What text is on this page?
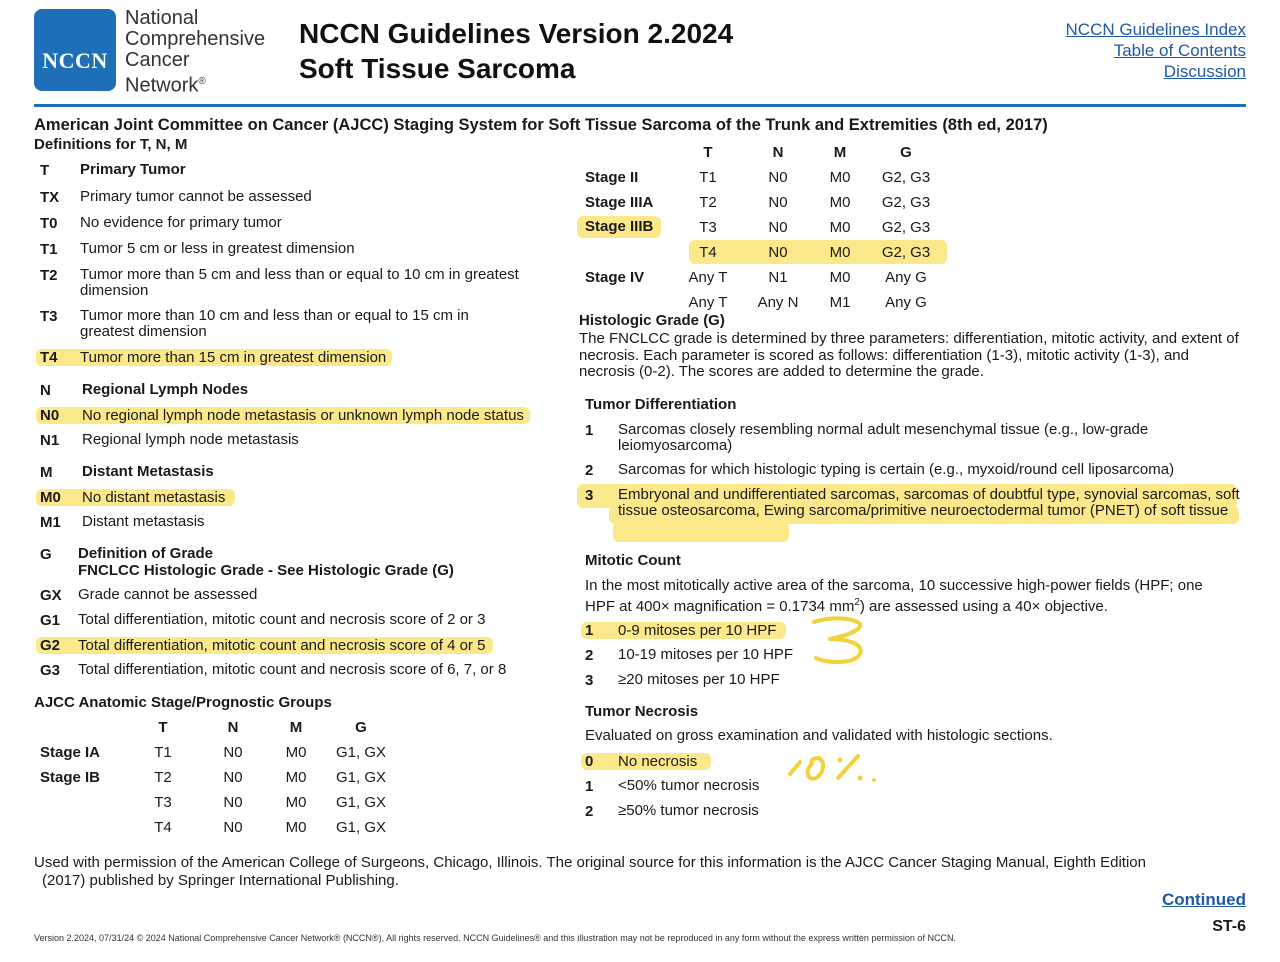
NCCN
National
Comprehensive
Cancer
Network®
NCCN Guidelines Version 2.2024
Soft Tissue Sarcoma
NCCN Guidelines Index
Table of Contents
Discussion
American Joint Committee on Cancer (AJCC) Staging System for Soft Tissue Sarcoma of the Trunk and Extremities (8th ed, 2017)
Definitions for T, N, M
T Primary Tumor
TX Primary tumor cannot be assessed
T0 No evidence for primary tumor
T1 Tumor 5 cm or less in greatest dimension
T2 Tumor more than 5 cm and less than or equal to 10 cm in greatest dimension
T3 Tumor more than 10 cm and less than or equal to 15 cm in greatest dimension
T4 Tumor more than 15 cm in greatest dimension
N Regional Lymph Nodes
N0 No regional lymph node metastasis or unknown lymph node status
N1 Regional lymph node metastasis
M Distant Metastasis
M0 No distant metastasis
M1 Distant metastasis
G Definition of Grade
FNCLCC Histologic Grade - See Histologic Grade (G)
GX Grade cannot be assessed
G1 Total differentiation, mitotic count and necrosis score of 2 or 3
G2 Total differentiation, mitotic count and necrosis score of 4 or 5
G3 Total differentiation, mitotic count and necrosis score of 6, 7, or 8
AJCC Anatomic Stage/Prognostic Groups
T	N	M	G
Stage IA	T1	N0	M0	G1, GX
Stage IB	T2	N0	M0	G1, GX
T3	N0	M0	G1, GX
T4	N0	M0	G1, GX
T	N	M	G
Stage II	T1	N0	M0	G2, G3
Stage IIIA	T2	N0	M0	G2, G3
Stage IIIB	T3	N0	M0	G2, G3
T4	N0	M0	G2, G3
Stage IV	Any T	N1	M0	Any G
Any T	Any N	M1	Any G
Histologic Grade (G)
The FNCLCC grade is determined by three parameters: differentiation, mitotic activity, and extent of necrosis. Each parameter is scored as follows: differentiation (1-3), mitotic activity (1-3), and necrosis (0-2). The scores are added to determine the grade.
Tumor Differentiation
1 Sarcomas closely resembling normal adult mesenchymal tissue (e.g., low-grade leiomyosarcoma)
2 Sarcomas for which histologic typing is certain (e.g., myxoid/round cell liposarcoma)
3 Embryonal and undifferentiated sarcomas, sarcomas of doubtful type, synovial sarcomas, soft tissue osteosarcoma, Ewing sarcoma/primitive neuroectodermal tumor (PNET) of soft tissue
Mitotic Count
In the most mitotically active area of the sarcoma, 10 successive high-power fields (HPF; one HPF at 400× magnification = 0.1734 $mm^2$) are assessed using a 40× objective.
1 0-9 mitoses per 10 HPF
2 10-19 mitoses per 10 HPF
3 ≥20 mitoses per 10 HPF
Tumor Necrosis
Evaluated on gross examination and validated with histologic sections.
0 No necrosis
1 <50% tumor necrosis
2 ≥50% tumor necrosis
Used with permission of the American College of Surgeons, Chicago, Illinois. The original source for this information is the AJCC Cancer Staging Manual, Eighth Edition
(2017) published by Springer International Publishing.
Continued
ST-6
Version 2.2024, 07/31/24 © 2024 National Comprehensive Cancer Network® (NCCN®), All rights reserved. NCCN Guidelines® and this illustration may not be reproduced in any form without the express written permission of NCCN.
